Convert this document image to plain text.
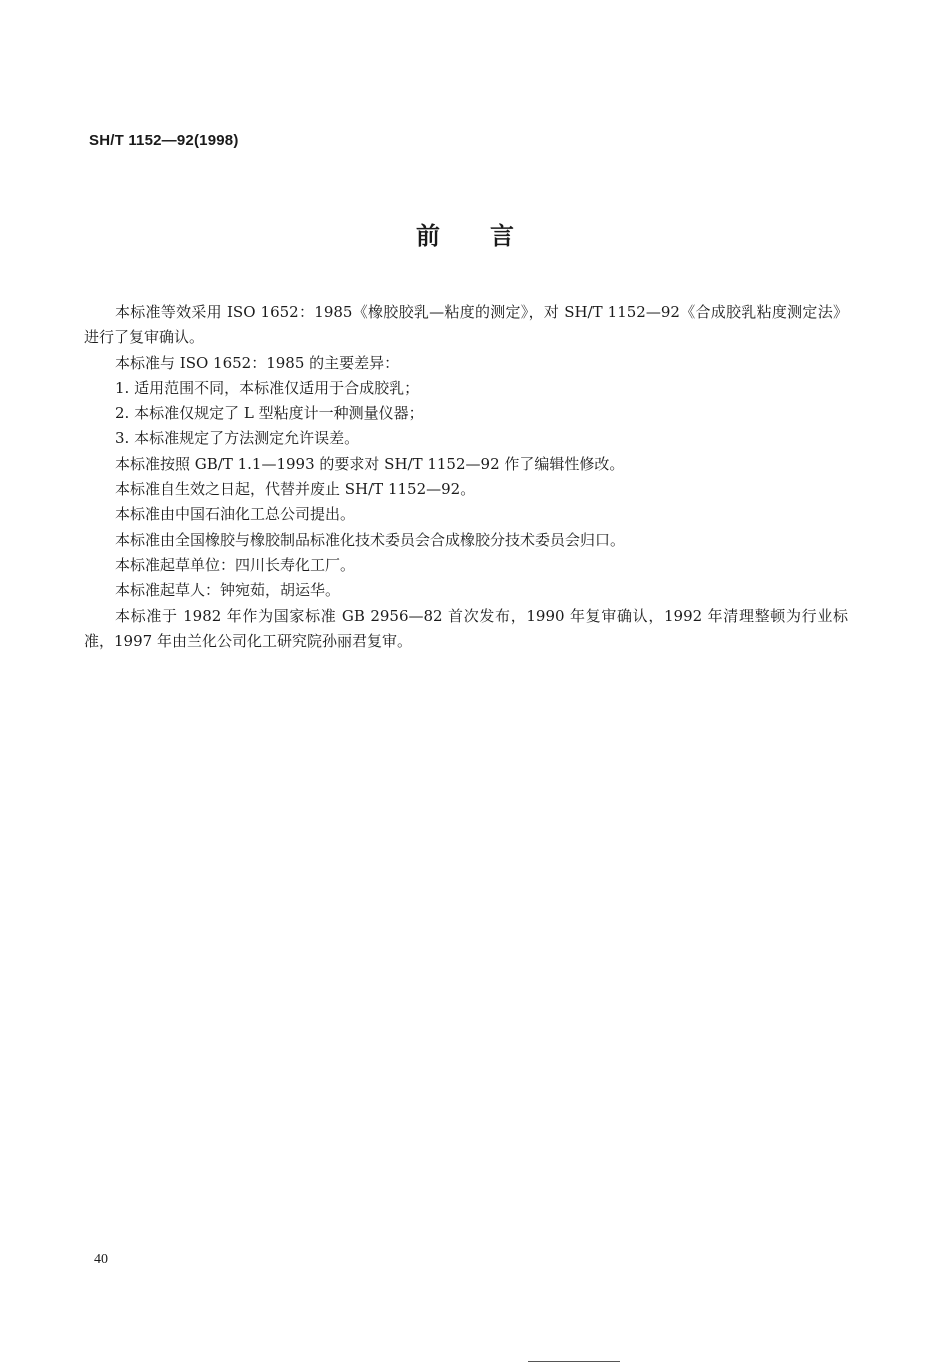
SH/T 1152—92(1998)
前言

本标准等效采用 ISO 1652：1985《橡胶胶乳—粘度的测定》，对 SH/T 1152—92《合成胶乳粘度测定法》进行了复审确认。

本标准与 ISO 1652：1985 的主要差异：

1. 适用范围不同，本标准仅适用于合成胶乳；

2. 本标准仅规定了 L 型粘度计一种测量仪器；

3. 本标准规定了方法测定允许误差。

本标准按照 GB/T 1.1—1993 的要求对 SH/T 1152—92 作了编辑性修改。

本标准自生效之日起，代替并废止 SH/T 1152—92。

本标准由中国石油化工总公司提出。

本标准由全国橡胶与橡胶制品标准化技术委员会合成橡胶分技术委员会归口。

本标准起草单位：四川长寿化工厂。

本标准起草人：钟宛茹，胡运华。

本标准于 1982 年作为国家标准 GB 2956—82 首次发布，1990 年复审确认，1992 年清理整顿为行业标准，1997 年由兰化公司化工研究院孙丽君复审。

40
